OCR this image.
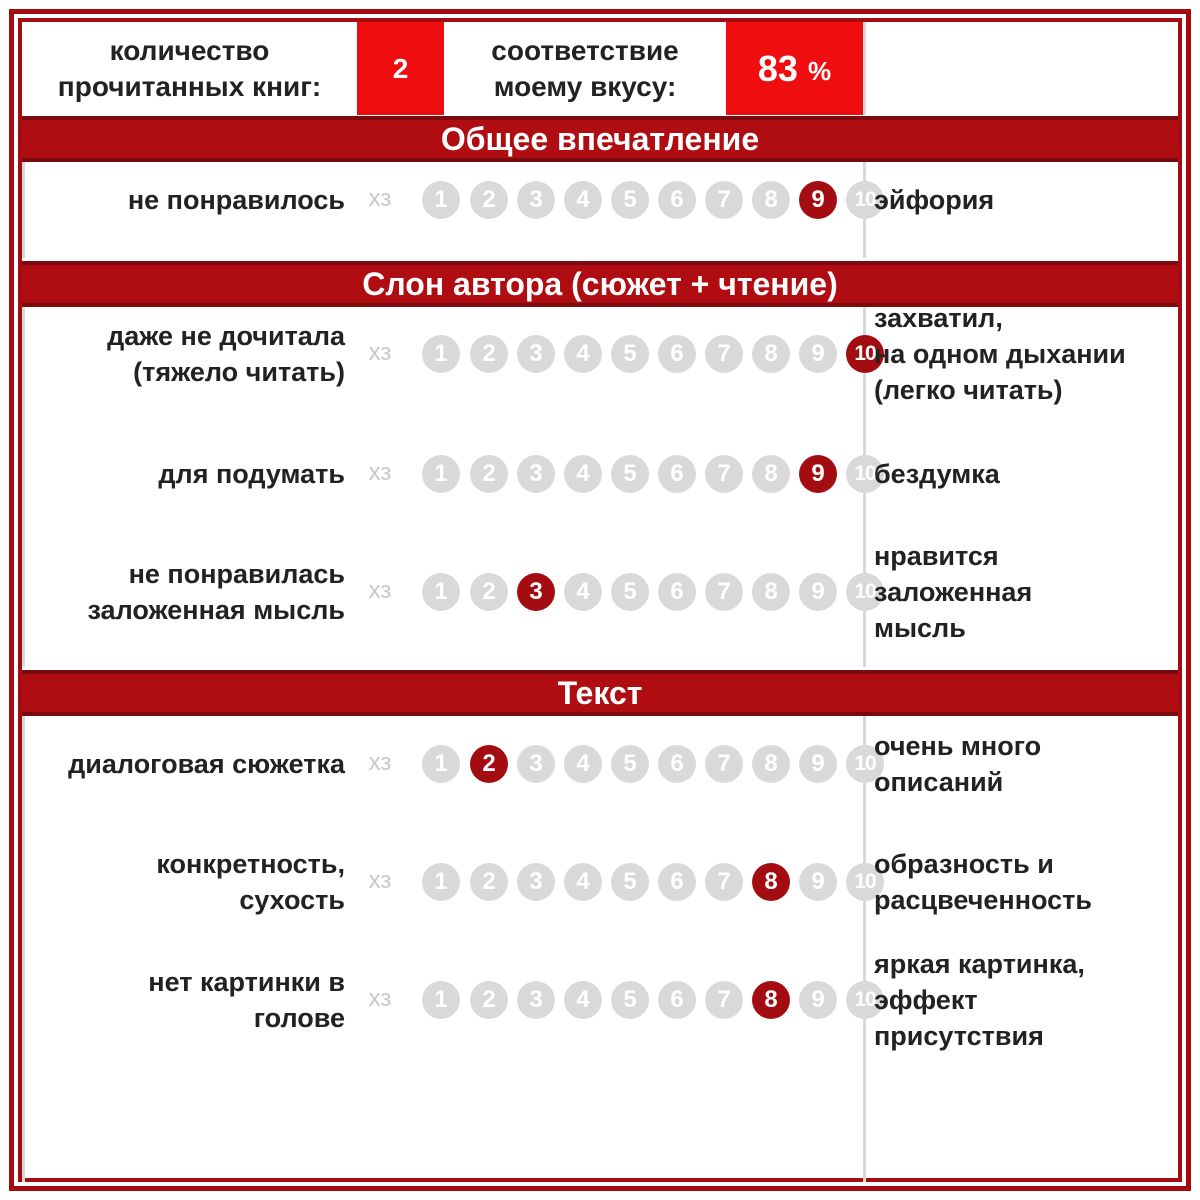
количество
прочитанных книг:
2
соответствие
моему вкусу:	83 %
Общее впечатление
не понравилось хз	1	2	3	4	5	6	7	8	9	10
эйфория
Слон автора (сюжет + чтение)
даже не дочитала
(тяжело читать)
хз	1	2	3	4	5	6	7	8	9	10
захватил,
на одном дыхании
(легко читать)
для подумать хз	1	2	3	4	5	6	7	8	9	10
бездумка
не понравилась
заложенная мысль
хз	1	2	3	4	5	6	7	8	9	10
нравится
заложенная
мысль
Текст
диалоговая сюжетка хз	1	2	3	4	5	6	7	8	9	10
очень много
описаний
конкретность,
сухость
хз	1	2	3	4	5	6	7	8	9	10
образность и
расцвеченность
нет картинки в
голове
хз	1	2	3	4	5	6	7	8	9	10
яркая картинка,
эффект
присутствия
